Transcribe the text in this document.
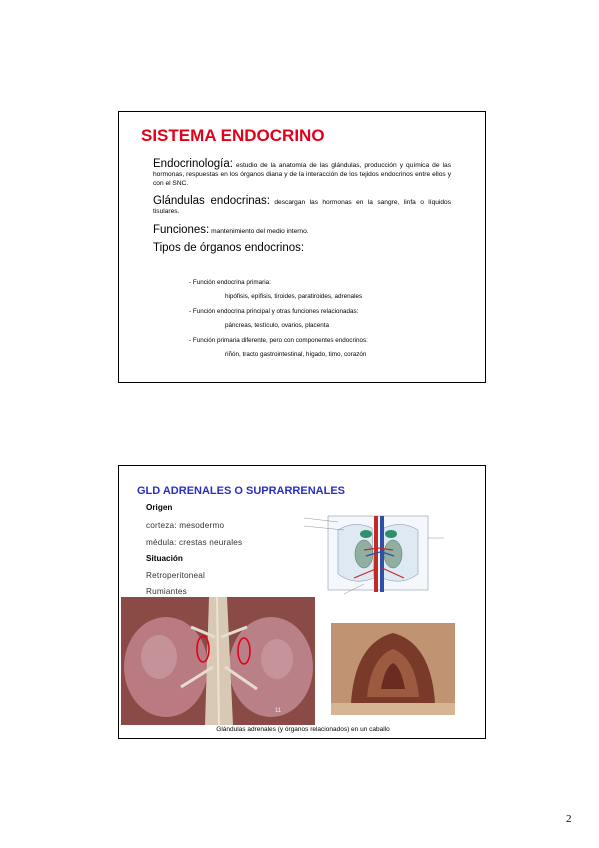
SISTEMA ENDOCRINO

Endocrinología: estudio de la anatomía de las glándulas, producción y química de las hormonas, respuestas en los órganos diana y de la interacción de los tejidos endocrinos entre ellos y con el SNC.

Glándulas endocrinas: descargan las hormonas en la sangre, linfa o líquidos tisulares.

Funciones: mantenimiento del medio interno.

Tipos de órganos endocrinos:

- Función endocrina primaria:
hipófisis, epífisis, tiroides, paratiroides, adrenales
- Función endocrina principal y otras funciones relacionadas:
páncreas, testículo, ovarios, placenta
- Función primaria diferente, pero con componentes endocrinos:
riñón, tracto gastrointestinal, hígado, timo, corazón
GLD ADRENALES O SUPRARRENALES
Origen
corteza: mesodermo
médula: crestas neurales
Situación
Retroperitoneal
Rumiantes
11
Glándulas adrenales (y órganos relacionados) en un caballo
2
